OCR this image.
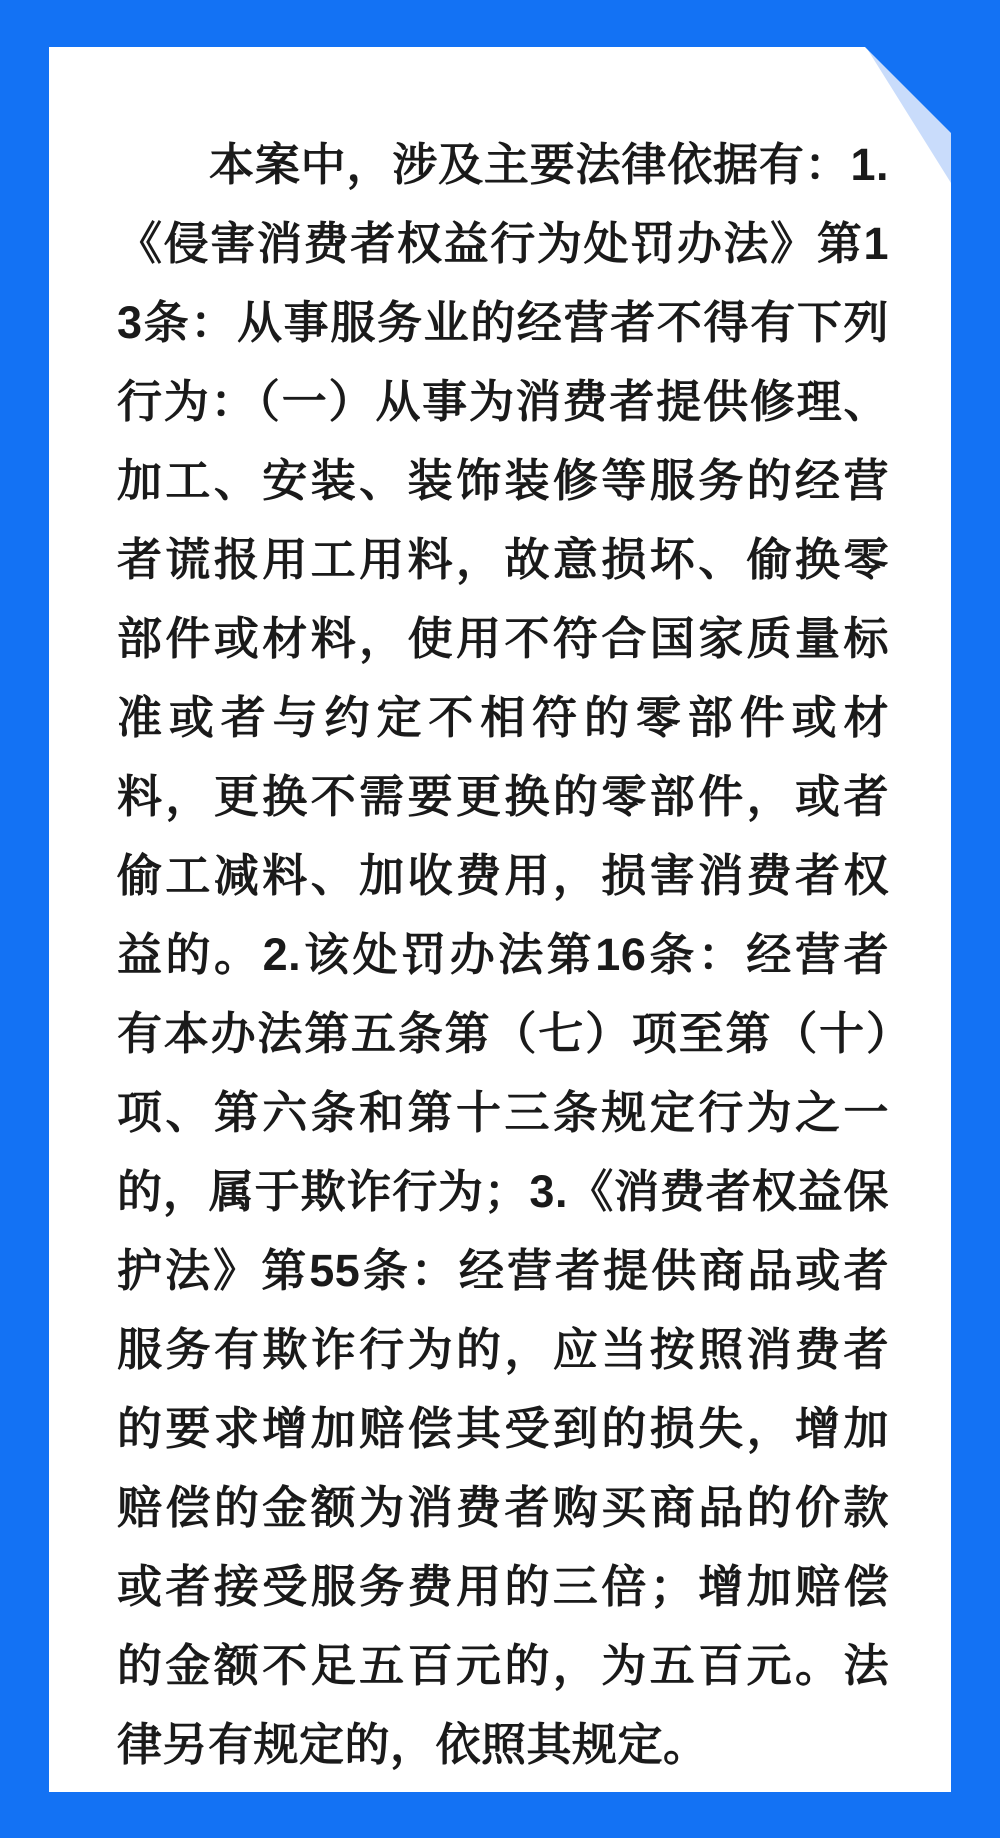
本案中，涉及主要法律依据有：1.《侵害消费者权益行为处罚办法》第13条：从事服务业的经营者不得有下列行为：（一）从事为消费者提供修理、加工、安装、装饰装修等服务的经营者谎报用工用料，故意损坏、偷换零部件或材料，使用不符合国家质量标准或者与约定不相符的零部件或材料，更换不需要更换的零部件，或者偷工减料、加收费用，损害消费者权益的。2.该处罚办法第16条：经营者有本办法第五条第（七）项至第（十）项、第六条和第十三条规定行为之一的，属于欺诈行为；3.《消费者权益保护法》第55条：经营者提供商品或者服务有欺诈行为的，应当按照消费者的要求增加赔偿其受到的损失，增加赔偿的金额为消费者购买商品的价款或者接受服务费用的三倍；增加赔偿的金额不足五百元的，为五百元。法律另有规定的，依照其规定。
